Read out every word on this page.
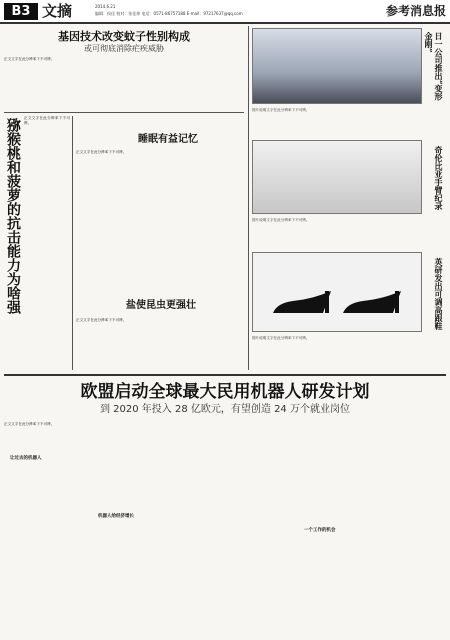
B3 文摘	2014.6.21
编辑：侯佳 校对：张佳炜 电话：0571-86757188 E-mail：97217637@qq.com	参考消息报
基因技术改变蚊子性别构成
或可彻底消除疟疾威胁
正文文字在此分辨率下不可辨。
猕猴桃和菠萝的抗击能力为啥强 正文文字在此分辨率下不可辨。
睡眠有益记忆
正文文字在此分辨率下不可辨。
盐使昆虫更强壮
正文文字在此分辨率下不可辨。
日一公司推出“变形金刚”
图片说明文字在此分辨率下不可辨。
奇伦比亚手臂纪录
图片说明文字在此分辨率下不可辨。
英研发出可调高跟鞋
图片说明文字在此分辨率下不可辨。
欧盟启动全球最大民用机器人研发计划
到 2020 年投入 28 亿欧元，有望创造 24 万个就业岗位
正文文字在此分辨率下不可辨。
让过去的机器人
机器人给经济增长
一个工作的机会
